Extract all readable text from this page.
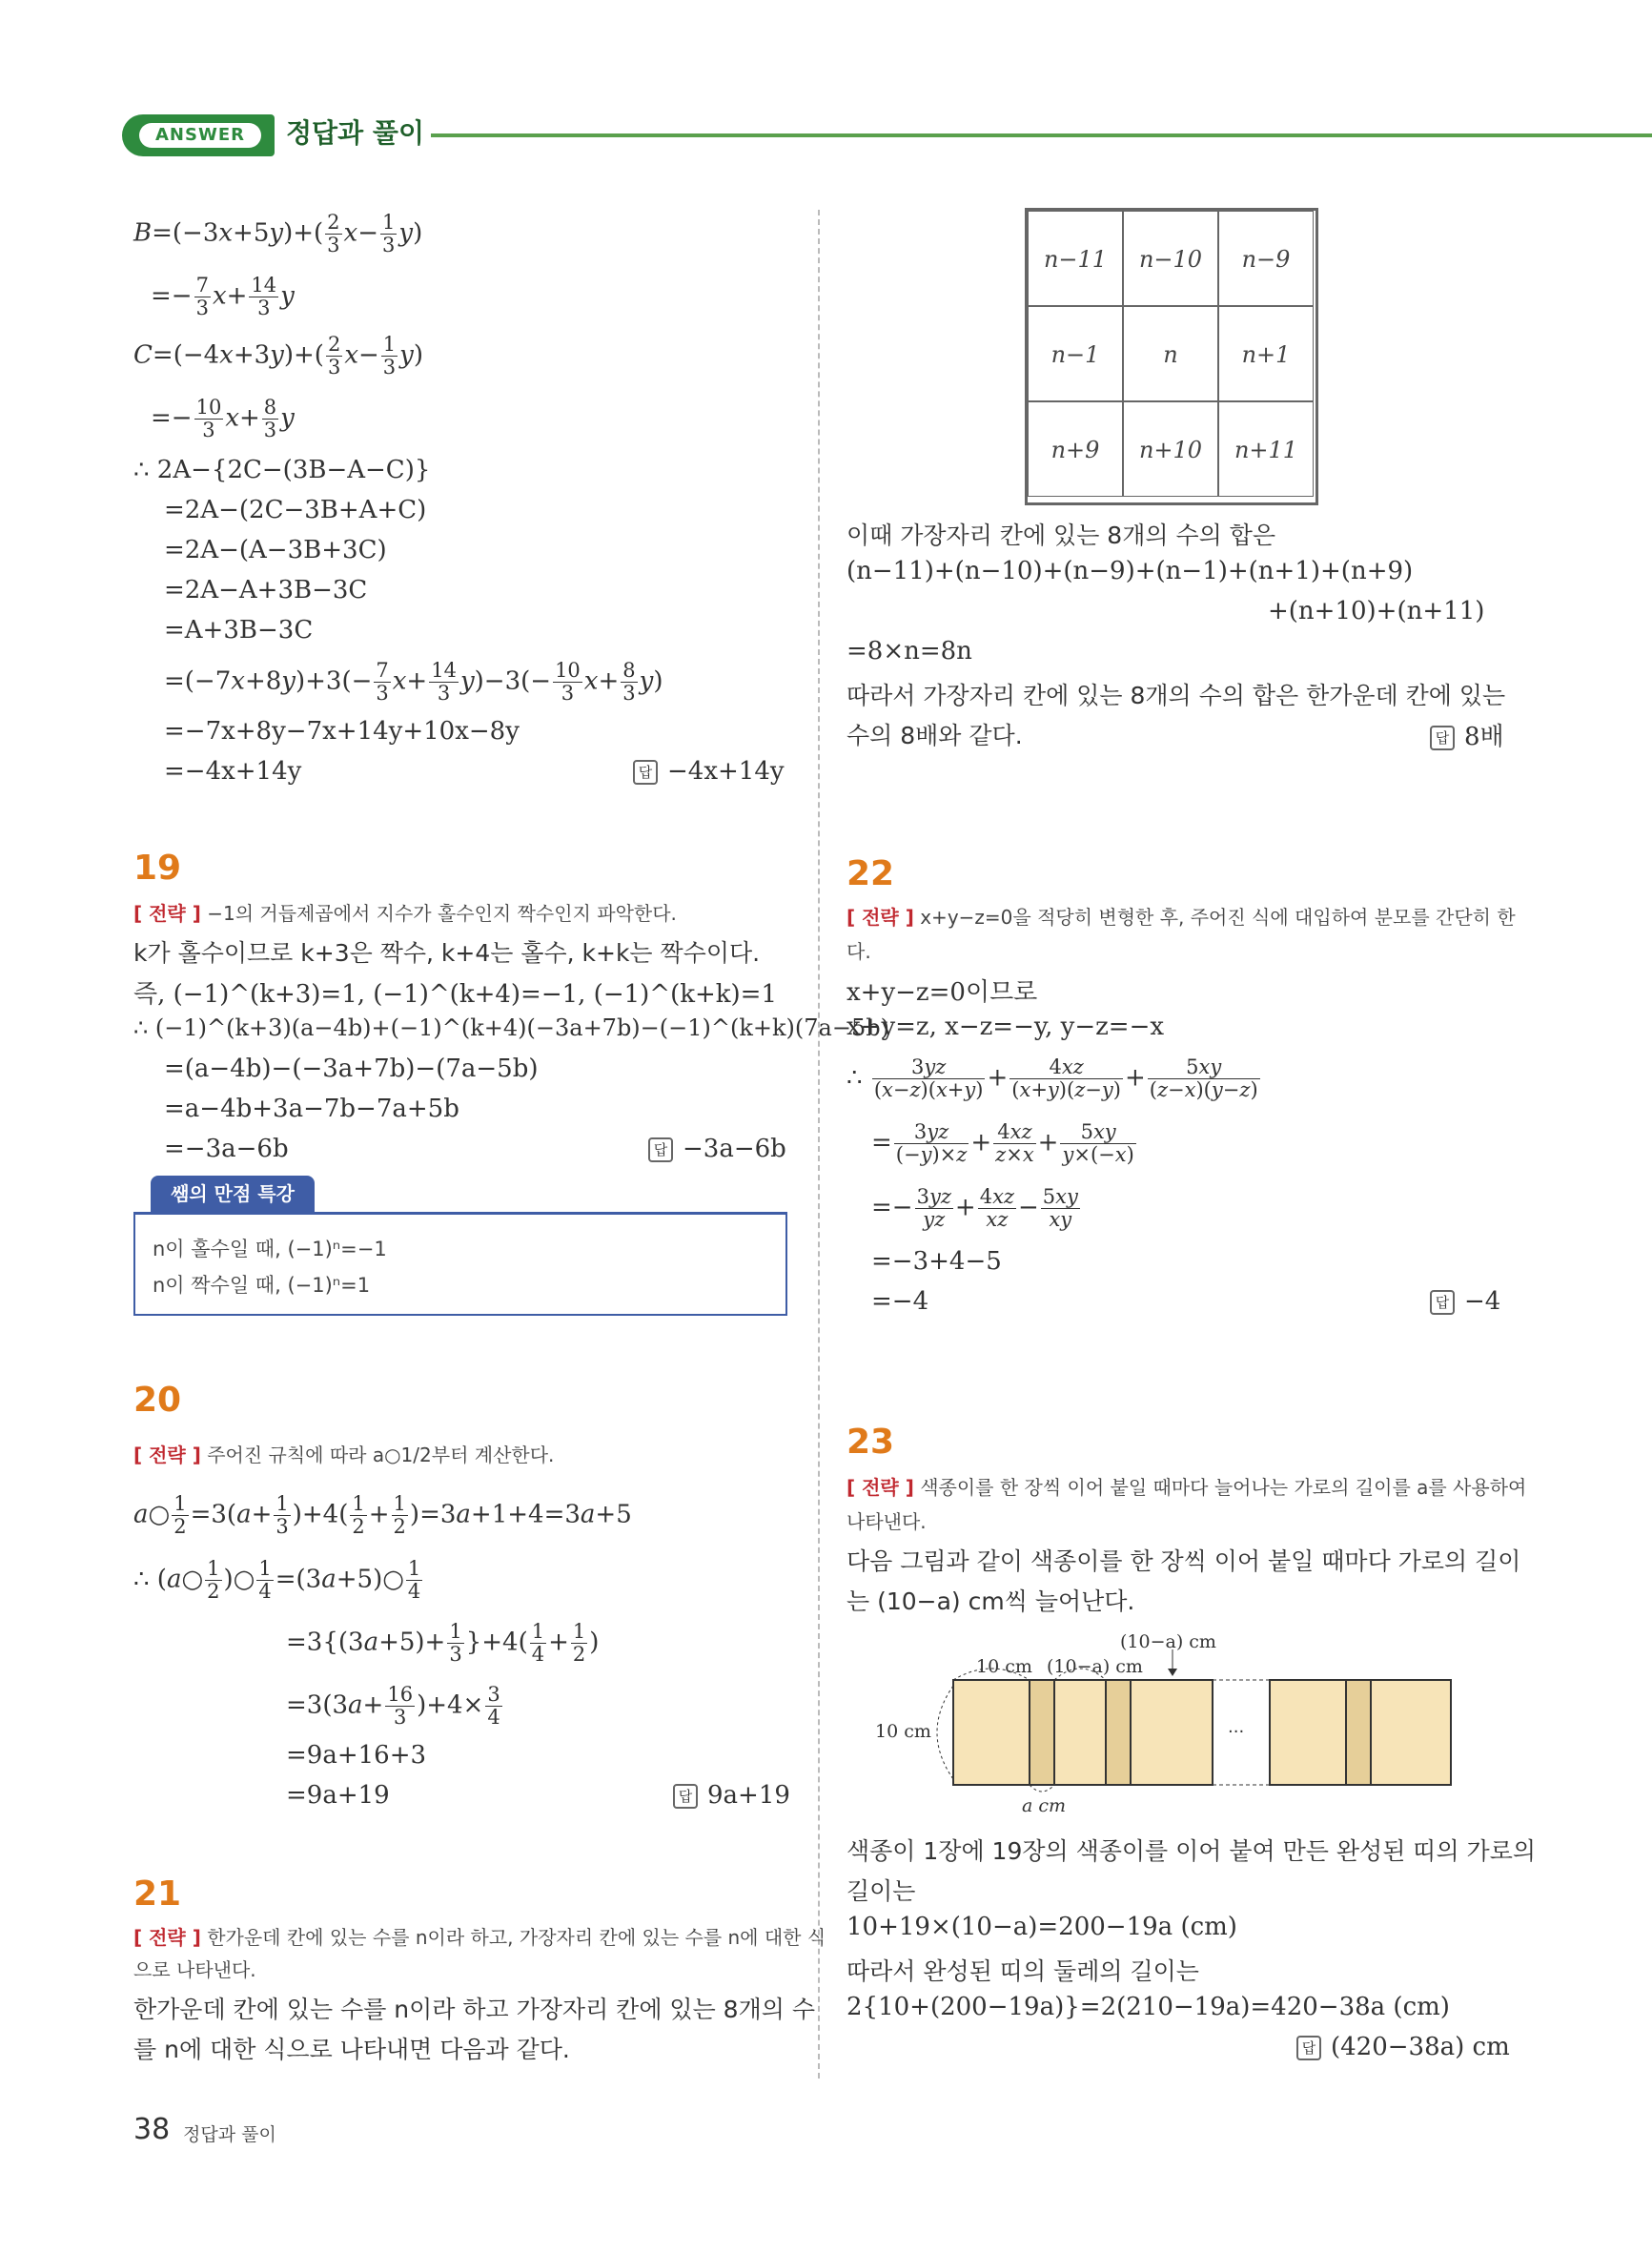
ANSWER	정답과 풀이
$B=(-3x+5y)+( \frac{2}{3} x- \frac{1}{3} y)$
=− $\frac{7}{3} x+ \frac{14}{3}$ y
$C=(-4x+3y)+( \frac{2}{3} x- \frac{1}{3} y)$
=− $\frac{10}{3} x+ \frac{8}{3}$ y
∴ 2A−{2C−(3B−A−C)}
=2A−(2C−3B+A+C)
=2A−(A−3B+3C)
=2A−A+3B−3C
=A+3B−3C
$=(-7x+8y)+3(- \frac{7}{3} x+ \frac{14}{3} y)-3(- \frac{10}{3} x+ \frac{8}{3} y)$
=−7x+8y−7x+14y+10x−8y
=−4x+14y	답 −4x+14y
19
[ 전략 ] −1의 거듭제곱에서 지수가 홀수인지 짝수인지 파악한다.
k가 홀수이므로 k+3은 짝수, k+4는 홀수, k+k는 짝수이다.
즉, (−1)^(k+3)=1, (−1)^(k+4)=−1, (−1)^(k+k)=1
∴ (−1)^(k+3)(a−4b)+(−1)^(k+4)(−3a+7b)−(−1)^(k+k)(7a−5b)
=(a−4b)−(−3a+7b)−(7a−5b)
=a−4b+3a−7b−7a+5b
=−3a−6b	답 −3a−6b
쌤의 만점 특강
n이 홀수일 때, (−1)ⁿ=−1
n이 짝수일 때, (−1)ⁿ=1
20
[ 전략 ] 주어진 규칙에 따라 a○1/2부터 계산한다.
a○ $\frac{1}{2} =3(a+ \frac{1}{3} )+4( \frac{1}{2} + \frac{1}{2} )=3a+1+4=3a+5$
∴ (a○ $\frac{1}{2}$ )○ $\frac{1}{4}$ =(3a+5)○ $\frac{1}{4}$
$=3\{(3a+5)+ \frac{1}{3} \}+4( \frac{1}{4} + \frac{1}{2}$ )
$=3(3a+ \frac{16}{3} )+4\times \frac{3}{4}$
=9a+16+3
=9a+19	답 9a+19
21
[ 전략 ] 한가운데 칸에 있는 수를 n이라 하고, 가장자리 칸에 있는 수를 n에 대한 식
으로 나타낸다.
한가운데 칸에 있는 수를 n이라 하고 가장자리 칸에 있는 8개의 수
를 n에 대한 식으로 나타내면 다음과 같다.
n−11	n−10	n−9
n−1	n	n+1
n+9	n+10	n+11
이때 가장자리 칸에 있는 8개의 수의 합은
(n−11)+(n−10)+(n−9)+(n−1)+(n+1)+(n+9)
+(n+10)+(n+11)
=8×n=8n
따라서 가장자리 칸에 있는 8개의 수의 합은 한가운데 칸에 있는
수의 8배와 같다.	답 8배
22
[ 전략 ] x+y−z=0을 적당히 변형한 후, 주어진 식에 대입하여 분모를 간단히 한
다.
x+y−z=0이므로
x+y=z, x−z=−y, y−z=−x
∴ $\frac{3yz}{(x-z)(x+y)} + \frac{4xz}{(x+y)(z-y)} + \frac{5xy}{(z-x)(y-z)}$
= $\frac{3yz}{(-y)\times z} + \frac{4xz}{z\times x} + \frac{5xy}{y\times(-x)}$
=− $\frac{3yz}{yz} + \frac{4xz}{xz} - \frac{5xy}{xy}$
=−3+4−5
=−4	답 −4
23
[ 전략 ] 색종이를 한 장씩 이어 붙일 때마다 늘어나는 가로의 길이를 a를 사용하여
나타낸다.
다음 그림과 같이 색종이를 한 장씩 이어 붙일 때마다 가로의 길이
는 (10−a) cm씩 늘어난다.
···
(10−a) cm
10 cm (10−a) cm
10 cm
a cm
색종이 1장에 19장의 색종이를 이어 붙여 만든 완성된 띠의 가로의
길이는
10+19×(10−a)=200−19a (cm)
따라서 완성된 띠의 둘레의 길이는
2{10+(200−19a)}=2(210−19a)=420−38a (cm)
답 (420−38a) cm
38 정답과 풀이
